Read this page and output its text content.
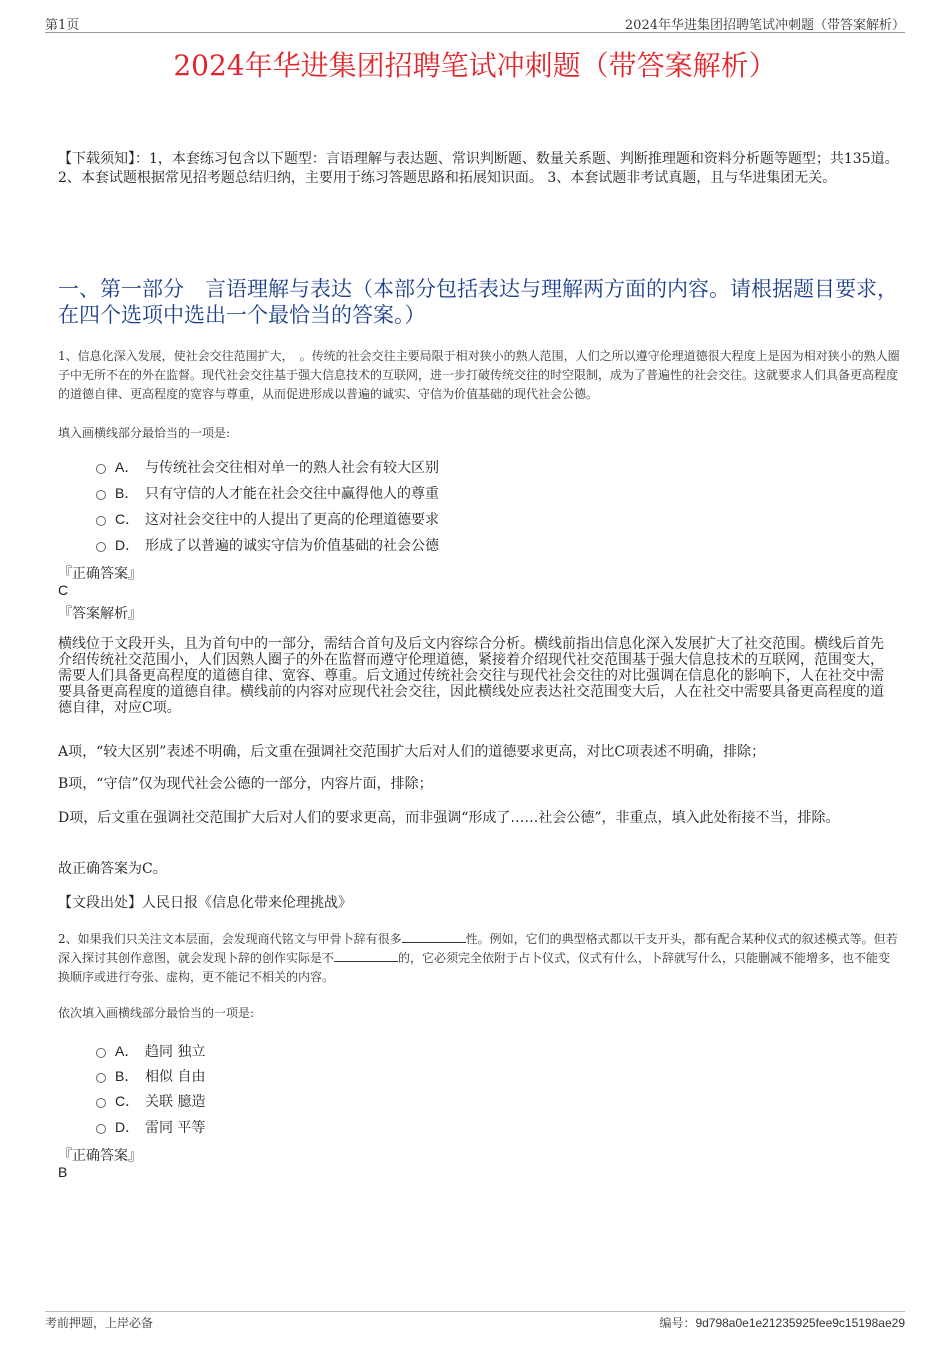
第1页	2024年华进集团招聘笔试冲刺题（带答案解析）
2024年华进集团招聘笔试冲刺题（带答案解析）
【下载须知】：1，本套练习包含以下题型：言语理解与表达题、常识判断题、数量关系题、判断推理题和资料分析题等题型；共135道。 2、本套试题根据常见招考题总结归纳，主要用于练习答题思路和拓展知识面。 3、本套试题非考试真题，且与华进集团无关。
一、第一部分　言语理解与表达（本部分包括表达与理解两方面的内容。请根据题目要求，在四个选项中选出一个最恰当的答案。）
1、信息化深入发展，使社会交往范围扩大，　。传统的社会交往主要局限于相对狭小的熟人范围，人们之所以遵守伦理道德很大程度上是因为相对狭小的熟人圈子中无所不在的外在监督。现代社会交往基于强大信息技术的互联网，进一步打破传统交往的时空限制，成为了普遍性的社会交往。这就要求人们具备更高程度的道德自律、更高程度的宽容与尊重，从而促进形成以普遍的诚实、守信为价值基础的现代社会公德。
填入画横线部分最恰当的一项是:
A． 与传统社会交往相对单一的熟人社会有较大区别
B． 只有守信的人才能在社会交往中赢得他人的尊重
C． 这对社会交往中的人提出了更高的伦理道德要求
D． 形成了以普遍的诚实守信为价值基础的社会公德
『正确答案』
C
『答案解析』
横线位于文段开头，且为首句中的一部分，需结合首句及后文内容综合分析。横线前指出信息化深入发展扩大了社交范围。横线后首先介绍传统社交范围小，人们因熟人圈子的外在监督而遵守伦理道德，紧接着介绍现代社交范围基于强大信息技术的互联网，范围变大，需要人们具备更高程度的道德自律、宽容、尊重。后文通过传统社会交往与现代社会交往的对比强调在信息化的影响下，人在社交中需要具备更高程度的道德自律。横线前的内容对应现代社会交往，因此横线处应表达社交范围变大后，人在社交中需要具备更高程度的道德自律，对应C项。
A项，“较大区别”表述不明确，后文重在强调社交范围扩大后对人们的道德要求更高，对比C项表述不明确，排除；
B项，“守信”仅为现代社会公德的一部分，内容片面，排除；
D项，后文重在强调社交范围扩大后对人们的要求更高，而非强调“形成了……社会公德”，非重点，填入此处衔接不当，排除。
故正确答案为C。
【文段出处】人民日报《信息化带来伦理挑战》
2、如果我们只关注文本层面，会发现商代铭文与甲骨卜辞有很多	性。例如，它们的典型格式都以干支开头，都有配合某种仪式的叙述模式等。但若深入探讨其创作意图，就会发现卜辞的创作实际是不	的，它必须完全依附于占卜仪式，仪式有什么，卜辞就写什么，只能删减不能增多，也不能变换顺序或进行夸张、虚构，更不能记不相关的内容。
依次填入画横线部分最恰当的一项是:
A． 趋同 独立
B． 相似 自由
C． 关联 臆造
D． 雷同 平等
『正确答案』
B
考前押题，上岸必备	编号：9d798a0e1e21235925fee9c15198ae29
